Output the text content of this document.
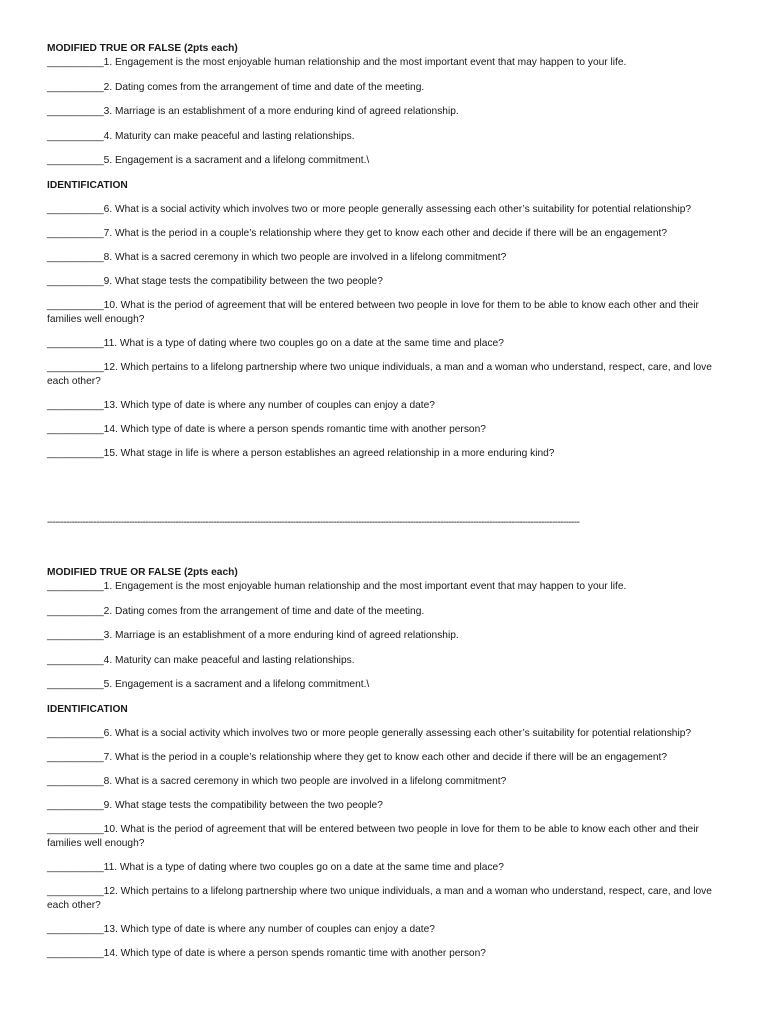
MODIFIED TRUE OR FALSE (2pts each)

__________1. Engagement is the most enjoyable human relationship and the most important event that may happen to your life.

__________2. Dating comes from the arrangement of time and date of the meeting.

__________3. Marriage is an establishment of a more enduring kind of agreed relationship.

__________4. Maturity can make peaceful and lasting relationships.

__________5. Engagement is a sacrament and a lifelong commitment.\

IDENTIFICATION

__________6. What is a social activity which involves two or more people generally assessing each other’s suitability for potential relationship?

__________7. What is the period in a couple’s relationship where they get to know each other and decide if there will be an engagement?

__________8. What is a sacred ceremony in which two people are involved in a lifelong commitment?

__________9. What stage tests the compatibility between the two people?

__________10. What is the period of agreement that will be entered between two people in love for them to be able to know each other and their families well enough?

__________11. What is a type of dating where two couples go on a date at the same time and place?

__________12. Which pertains to a lifelong partnership where two unique individuals, a man and a woman who understand, respect, care, and love each other?

__________13. Which type of date is where any number of couples can enjoy a date?

__________14. Which type of date is where a person spends romantic time with another person?

__________15. What stage in life is where a person establishes an agreed relationship in a more enduring kind?

---------------------------------------------------------------------------------------------------------------------------------------------------------------------------------------------------

MODIFIED TRUE OR FALSE (2pts each)

__________1. Engagement is the most enjoyable human relationship and the most important event that may happen to your life.

__________2. Dating comes from the arrangement of time and date of the meeting.

__________3. Marriage is an establishment of a more enduring kind of agreed relationship.

__________4. Maturity can make peaceful and lasting relationships.

__________5. Engagement is a sacrament and a lifelong commitment.\

IDENTIFICATION

__________6. What is a social activity which involves two or more people generally assessing each other’s suitability for potential relationship?

__________7. What is the period in a couple’s relationship where they get to know each other and decide if there will be an engagement?

__________8. What is a sacred ceremony in which two people are involved in a lifelong commitment?

__________9. What stage tests the compatibility between the two people?

__________10. What is the period of agreement that will be entered between two people in love for them to be able to know each other and their families well enough?

__________11. What is a type of dating where two couples go on a date at the same time and place?

__________12. Which pertains to a lifelong partnership where two unique individuals, a man and a woman who understand, respect, care, and love each other?

__________13. Which type of date is where any number of couples can enjoy a date?

__________14. Which type of date is where a person spends romantic time with another person?
